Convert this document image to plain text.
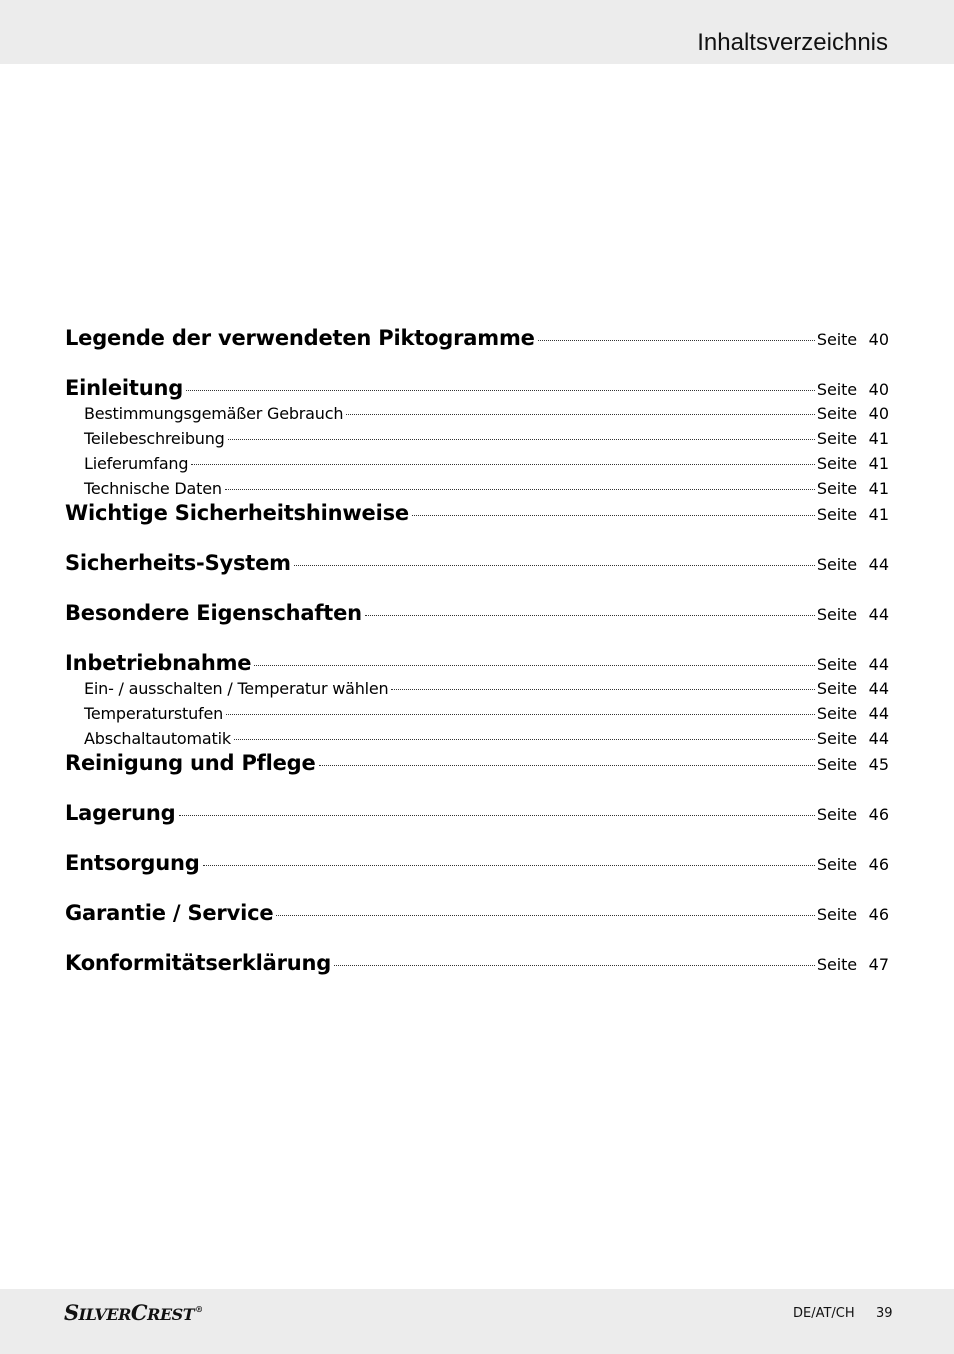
Inhaltsverzeichnis
Legende der verwendeten Piktogramme	Seite 40
Einleitung	Seite 40
Bestimmungsgemäßer Gebrauch	Seite 40
Teilebeschreibung	Seite 41
Lieferumfang	Seite 41
Technische Daten	Seite 41
Wichtige Sicherheitshinweise	Seite 41
Sicherheits-System	Seite 44
Besondere Eigenschaften	Seite 44
Inbetriebnahme	Seite 44
Ein- / ausschalten / Temperatur wählen	Seite 44
Temperaturstufen	Seite 44
Abschaltautomatik	Seite 44
Reinigung und Pflege	Seite 45
Lagerung	Seite 46
Entsorgung	Seite 46
Garantie / Service	Seite 46
Konformitätserklärung	Seite 47
S ILVER C REST ®	DE/AT/CH 39
